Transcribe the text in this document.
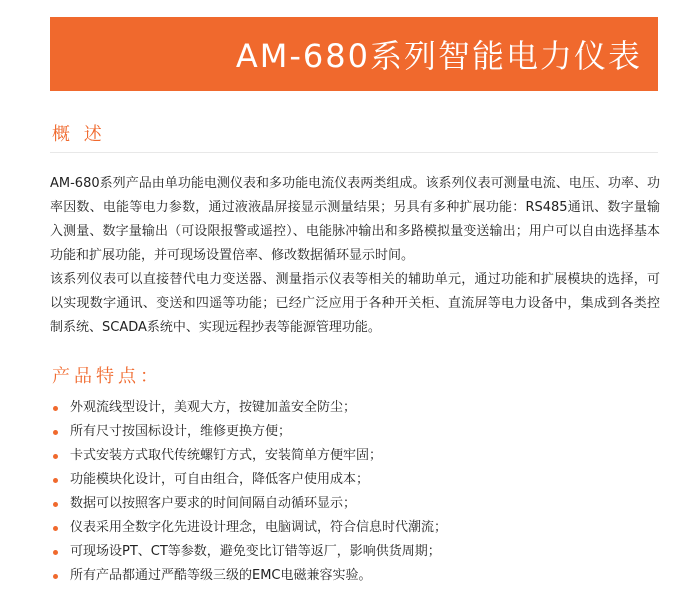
AM-680系列智能电力仪表
概 述

AM-680系列产品由单功能电测仪表和多功能电流仪表两类组成。该系列仪表可测量电流、电压、功率、功率因数、电能等电力参数，通过液液晶屏接显示测量结果；另具有多种扩展功能：RS485通讯、数字量输入测量、数字量输出（可设限报警或遥控）、电能脉冲输出和多路模拟量变送输出；用户可以自由选择基本功能和扩展功能，并可现场设置倍率、修改数据循环显示时间。

该系列仪表可以直接替代电力变送器、测量指示仪表等相关的辅助单元，通过功能和扩展模块的选择，可以实现数字通讯、变送和四遥等功能；已经广泛应用于各种开关柜、直流屏等电力设备中，集成到各类控制系统、SCADA系统中、实现远程抄表等能源管理功能。

产品特点：
外观流线型设计，美观大方，按键加盖安全防尘；
所有尺寸按国标设计，维修更换方便；
卡式安装方式取代传统螺钉方式，安装简单方便牢固；
功能模块化设计，可自由组合，降低客户使用成本；
数据可以按照客户要求的时间间隔自动循环显示；
仪表采用全数字化先进设计理念，电脑调试，符合信息时代潮流；
可现场设PT、CT等参数，避免变比订错等返厂，影响供货周期；
所有产品都通过严酷等级三级的EMC电磁兼容实验。
